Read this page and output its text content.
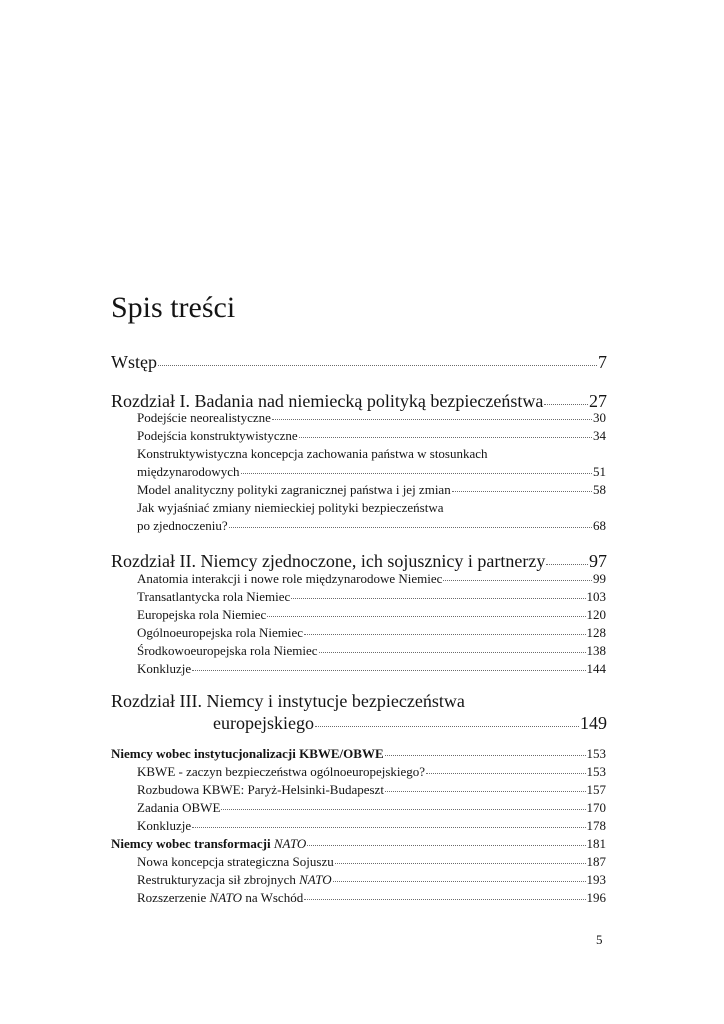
Spis treści
Wstęp	7
Rozdział I. Badania nad niemiecką polityką bezpieczeństwa	27
Podejście neorealistyczne	30
Podejścia konstruktywistyczne	34
Konstruktywistyczna koncepcja zachowania państwa w stosunkach
międzynarodowych	51
Model analityczny polityki zagranicznej państwa i jej zmian	58
Jak wyjaśniać zmiany niemieckiej polityki bezpieczeństwa
po zjednoczeniu?	68
Rozdział II. Niemcy zjednoczone, ich sojusznicy i partnerzy 97
Anatomia interakcji i nowe role międzynarodowe Niemiec	99
Transatlantycka rola Niemiec	103
Europejska rola Niemiec	120
Ogólnoeuropejska rola Niemiec	128
Środkowoeuropejska rola Niemiec	138
Konkluzje	144
Rozdział III. Niemcy i instytucje bezpieczeństwa
europejskiego	149
Niemcy wobec instytucjonalizacji KBWE/OBWE	153
KBWE - zaczyn bezpieczeństwa ogólnoeuropejskiego?	153
Rozbudowa KBWE: Paryż-Helsinki-Budapeszt	157
Zadania OBWE	170
Konkluzje	178
Niemcy wobec transformacji NATO	181
Nowa koncepcja strategiczna Sojuszu	187
Restrukturyzacja sił zbrojnych NATO	193
Rozszerzenie NATO na Wschód	196
5
